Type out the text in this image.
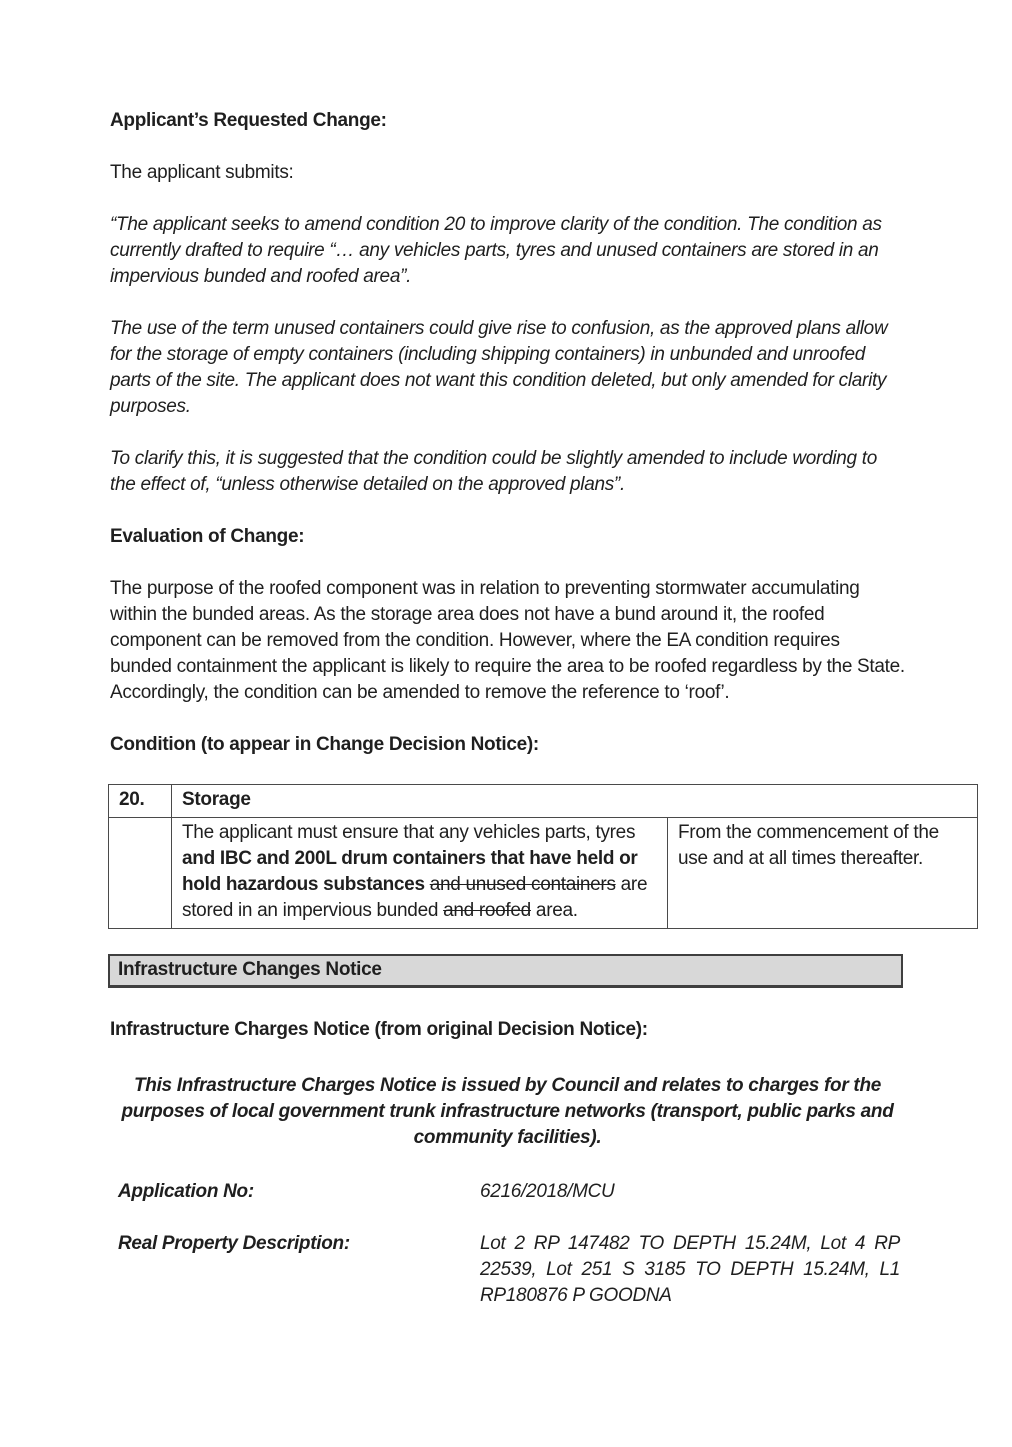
Applicant’s Requested Change:
The applicant submits:
“The applicant seeks to amend condition 20 to improve clarity of the condition. The condition as currently drafted to require “… any vehicles parts, tyres and unused containers are stored in an impervious bunded and roofed area”.
The use of the term unused containers could give rise to confusion, as the approved plans allow for the storage of empty containers (including shipping containers) in unbunded and unroofed parts of the site. The applicant does not want this condition deleted, but only amended for clarity purposes.
To clarify this, it is suggested that the condition could be slightly amended to include wording to the effect of, “unless otherwise detailed on the approved plans”.
Evaluation of Change:
The purpose of the roofed component was in relation to preventing stormwater accumulating within the bunded areas. As the storage area does not have a bund around it, the roofed component can be removed from the condition. However, where the EA condition requires bunded containment the applicant is likely to require the area to be roofed regardless by the State. Accordingly, the condition can be amended to remove the reference to ‘roof’.
Condition (to appear in Change Decision Notice):
20.	Storage	
	The applicant must ensure that any vehicles parts, tyres and IBC and 200L drum containers that have held or hold hazardous substances and unused containers are stored in an impervious bunded and roofed area.	From the commencement of the use and at all times thereafter.
Infrastructure Changes Notice
Infrastructure Charges Notice (from original Decision Notice):
This Infrastructure Charges Notice is issued by Council and relates to charges for the purposes of local government trunk infrastructure networks (transport, public parks and community facilities).
Application No:	6216/2018/MCU
Real Property Description:	Lot 2 RP 147482 TO DEPTH 15.24M, Lot 4 RP 22539, Lot 251 S 3185 TO DEPTH 15.24M, L1 RP180876 P GOODNA
